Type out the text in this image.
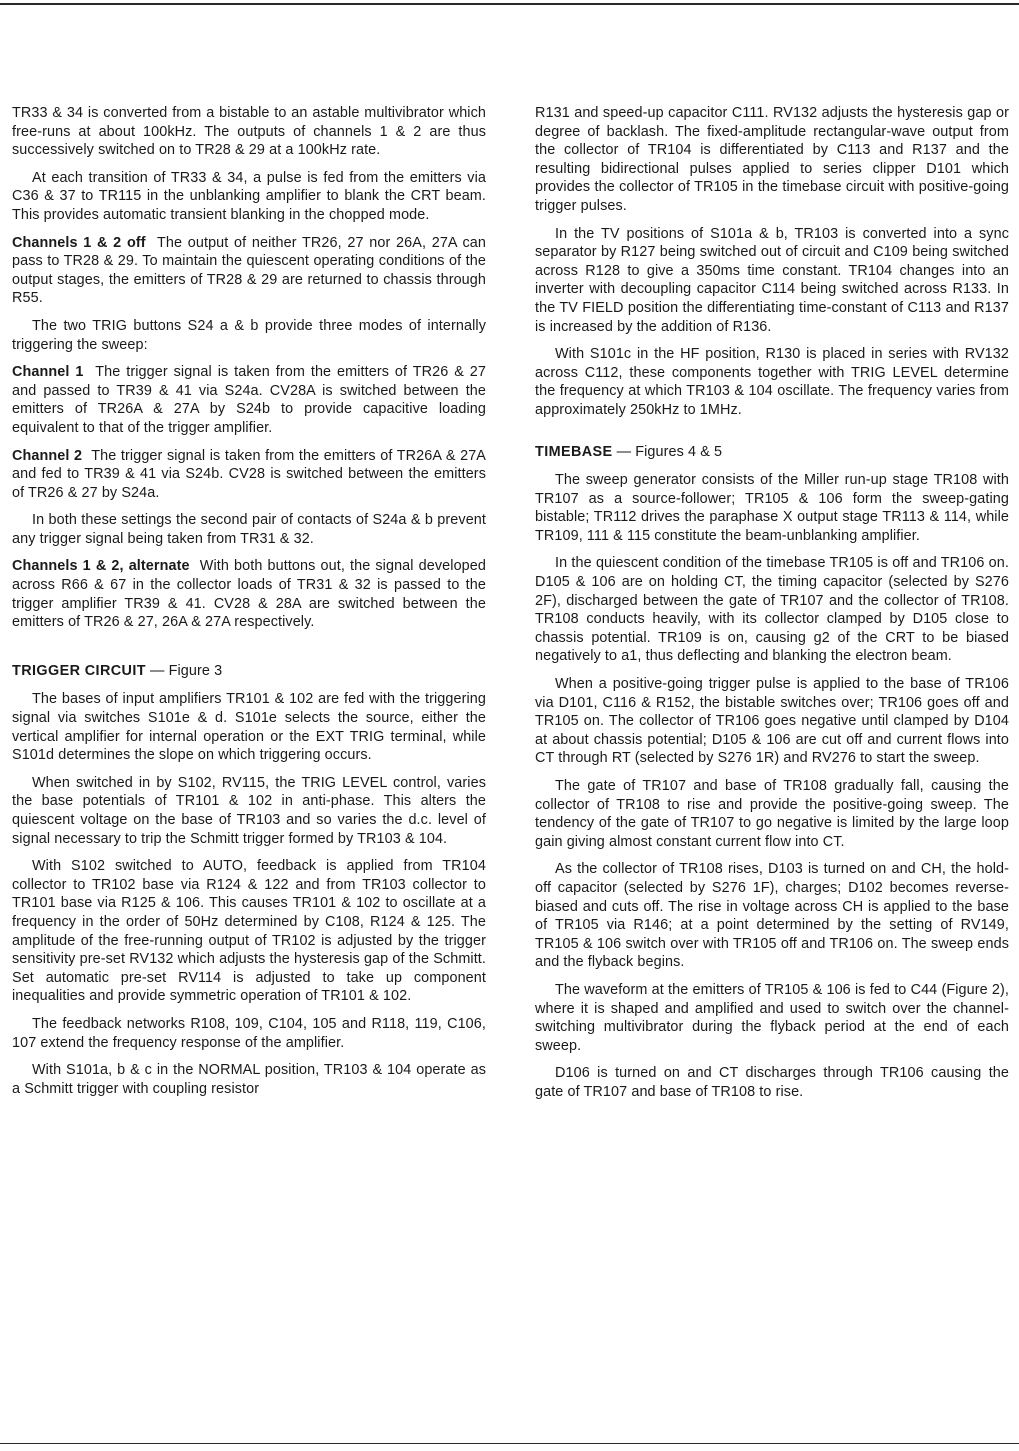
TR33 & 34 is converted from a bistable to an astable multivibrator which free-runs at about 100kHz. The outputs of channels 1 & 2 are thus successively switched on to TR28 & 29 at a 100kHz rate.

At each transition of TR33 & 34, a pulse is fed from the emitters via C36 & 37 to TR115 in the unblanking amplifier to blank the CRT beam. This provides automatic transient blanking in the chopped mode.

Channels 1 & 2 off The output of neither TR26, 27 nor 26A, 27A can pass to TR28 & 29. To maintain the quiescent operating conditions of the output stages, the emitters of TR28 & 29 are returned to chassis through R55.

The two TRIG buttons S24 a & b provide three modes of internally triggering the sweep:

Channel 1 The trigger signal is taken from the emitters of TR26 & 27 and passed to TR39 & 41 via S24a. CV28A is switched between the emitters of TR26A & 27A by S24b to provide capacitive loading equivalent to that of the trigger amplifier.

Channel 2 The trigger signal is taken from the emitters of TR26A & 27A and fed to TR39 & 41 via S24b. CV28 is switched between the emitters of TR26 & 27 by S24a.

In both these settings the second pair of contacts of S24a & b prevent any trigger signal being taken from TR31 & 32.

Channels 1 & 2, alternate With both buttons out, the signal developed across R66 & 67 in the collector loads of TR31 & 32 is passed to the trigger amplifier TR39 & 41. CV28 & 28A are switched between the emitters of TR26 & 27, 26A & 27A respectively.

TRIGGER CIRCUIT — Figure 3

The bases of input amplifiers TR101 & 102 are fed with the triggering signal via switches S101e & d. S101e selects the source, either the vertical amplifier for internal operation or the EXT TRIG terminal, while S101d determines the slope on which triggering occurs.

When switched in by S102, RV115, the TRIG LEVEL control, varies the base potentials of TR101 & 102 in anti-phase. This alters the quiescent voltage on the base of TR103 and so varies the d.c. level of signal necessary to trip the Schmitt trigger formed by TR103 & 104.

With S102 switched to AUTO, feedback is applied from TR104 collector to TR102 base via R124 & 122 and from TR103 collector to TR101 base via R125 & 106. This causes TR101 & 102 to oscillate at a frequency in the order of 50Hz determined by C108, R124 & 125. The amplitude of the free-running output of TR102 is adjusted by the trigger sensitivity pre-set RV132 which adjusts the hysteresis gap of the Schmitt. Set automatic pre-set RV114 is adjusted to take up component inequalities and provide symmetric operation of TR101 & 102.

The feedback networks R108, 109, C104, 105 and R118, 119, C106, 107 extend the frequency response of the amplifier.

With S101a, b & c in the NORMAL position, TR103 & 104 operate as a Schmitt trigger with coupling resistor

R131 and speed-up capacitor C111. RV132 adjusts the hysteresis gap or degree of backlash. The fixed-amplitude rectangular-wave output from the collector of TR104 is differentiated by C113 and R137 and the resulting bidirectional pulses applied to series clipper D101 which provides the collector of TR105 in the timebase circuit with positive-going trigger pulses.

In the TV positions of S101a & b, TR103 is converted into a sync separator by R127 being switched out of circuit and C109 being switched across R128 to give a 350ms time constant. TR104 changes into an inverter with decoupling capacitor C114 being switched across R133. In the TV FIELD position the differentiating time-constant of C113 and R137 is increased by the addition of R136.

With S101c in the HF position, R130 is placed in series with RV132 across C112, these components together with TRIG LEVEL determine the frequency at which TR103 & 104 oscillate. The frequency varies from approximately 250kHz to 1MHz.

TIMEBASE — Figures 4 & 5

The sweep generator consists of the Miller run-up stage TR108 with TR107 as a source-follower; TR105 & 106 form the sweep-gating bistable; TR112 drives the paraphase X output stage TR113 & 114, while TR109, 111 & 115 constitute the beam-unblanking amplifier.

In the quiescent condition of the timebase TR105 is off and TR106 on. D105 & 106 are on holding CT, the timing capacitor (selected by S276 2F), discharged between the gate of TR107 and the collector of TR108. TR108 conducts heavily, with its collector clamped by D105 close to chassis potential. TR109 is on, causing g2 of the CRT to be biased negatively to a1, thus deflecting and blanking the electron beam.

When a positive-going trigger pulse is applied to the base of TR106 via D101, C116 & R152, the bistable switches over; TR106 goes off and TR105 on. The collector of TR106 goes negative until clamped by D104 at about chassis potential; D105 & 106 are cut off and current flows into CT through RT (selected by S276 1R) and RV276 to start the sweep.

The gate of TR107 and base of TR108 gradually fall, causing the collector of TR108 to rise and provide the positive-going sweep. The tendency of the gate of TR107 to go negative is limited by the large loop gain giving almost constant current flow into CT.

As the collector of TR108 rises, D103 is turned on and CH, the hold-off capacitor (selected by S276 1F), charges; D102 becomes reverse-biased and cuts off. The rise in voltage across CH is applied to the base of TR105 via R146; at a point determined by the setting of RV149, TR105 & 106 switch over with TR105 off and TR106 on. The sweep ends and the flyback begins.

The waveform at the emitters of TR105 & 106 is fed to C44 (Figure 2), where it is shaped and amplified and used to switch over the channel-switching multivibrator during the flyback period at the end of each sweep.

D106 is turned on and CT discharges through TR106 causing the gate of TR107 and base of TR108 to rise.
